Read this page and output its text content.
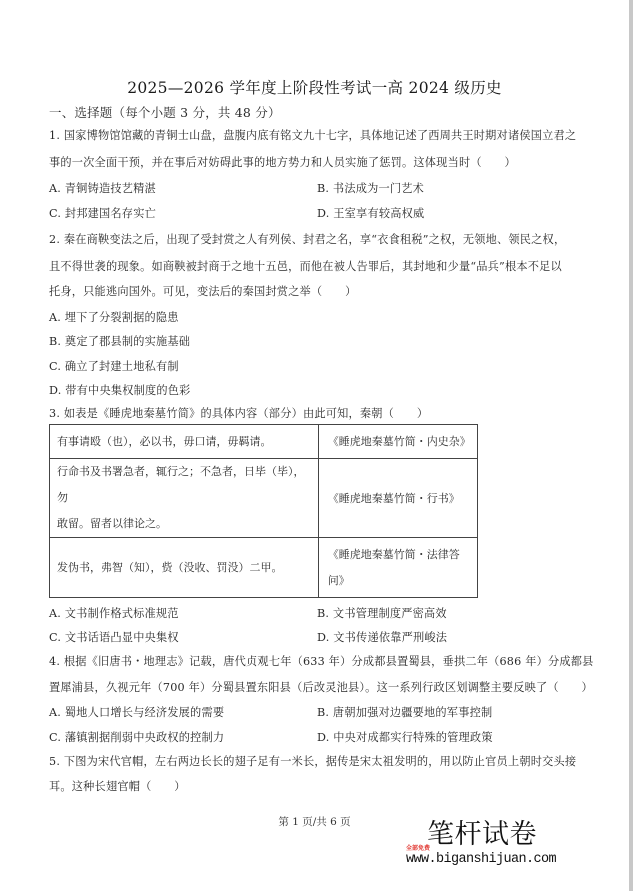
2025—2026 学年度上阶段性考试一高 2024 级历史
一、选择题（每个小题 3 分，共 48 分）
1. 国家博物馆馆藏的青铜士山盘，盘腹内底有铭文九十七字，具体地记述了西周共王时期对诸侯国立君之
事的一次全面干预，并在事后对妨碍此事的地方势力和人员实施了惩罚。这体现当时（　　）
A. 青铜铸造技艺精湛	B. 书法成为一门艺术
C. 封邦建国名存实亡	D. 王室享有较高权威
2. 秦在商鞅变法之后，出现了受封赏之人有列侯、封君之名，享“衣食租税”之权，无领地、领民之权，
且不得世袭的现象。如商鞅被封商于之地十五邑，而他在被人告罪后，其封地和少量“品兵”根本不足以
托身，只能逃向国外。可见，变法后的秦国封赏之举（　　）
A. 埋下了分裂割据的隐患
B. 奠定了郡县制的实施基础
C. 确立了封建土地私有制
D. 带有中央集权制度的色彩
3. 如表是《睡虎地秦墓竹简》的具体内容（部分）由此可知，秦朝（　　）
有事请殴（也），必以书，毋口请，毋羁请。	《睡虎地秦墓竹简・内史杂》
行命书及书署急者，辄行之；不急者，日毕（毕），勿
敢留。留者以律论之。	《睡虎地秦墓竹简・行书》
发伪书，弗智（知），赀（没收、罚没）二甲。	《睡虎地秦墓竹简・法律答
问》
A. 文书制作格式标准规范	B. 文书管理制度严密高效
C. 文书话语凸显中央集权	D. 文书传递依靠严刑峻法
4. 根据《旧唐书・地理志》记载，唐代贞观七年（633 年）分成都县置蜀县，垂拱二年（686 年）分成都县
置犀浦县，久视元年（700 年）分蜀县置东阳县（后改灵池县）。这一系列行政区划调整主要反映了（　　）
A. 蜀地人口增长与经济发展的需要	B. 唐朝加强对边疆要地的军事控制
C. 藩镇割据削弱中央政权的控制力	D. 中央对成都实行特殊的管理政策
5. 下图为宋代官帽，左右两边长长的翅子足有一米长，据传是宋太祖发明的，用以防止官员上朝时交头接
耳。这种长翅官帽（　　）
第 1 页/共 6 页	笔杆试卷
全部免费
www.biganshijuan.com
